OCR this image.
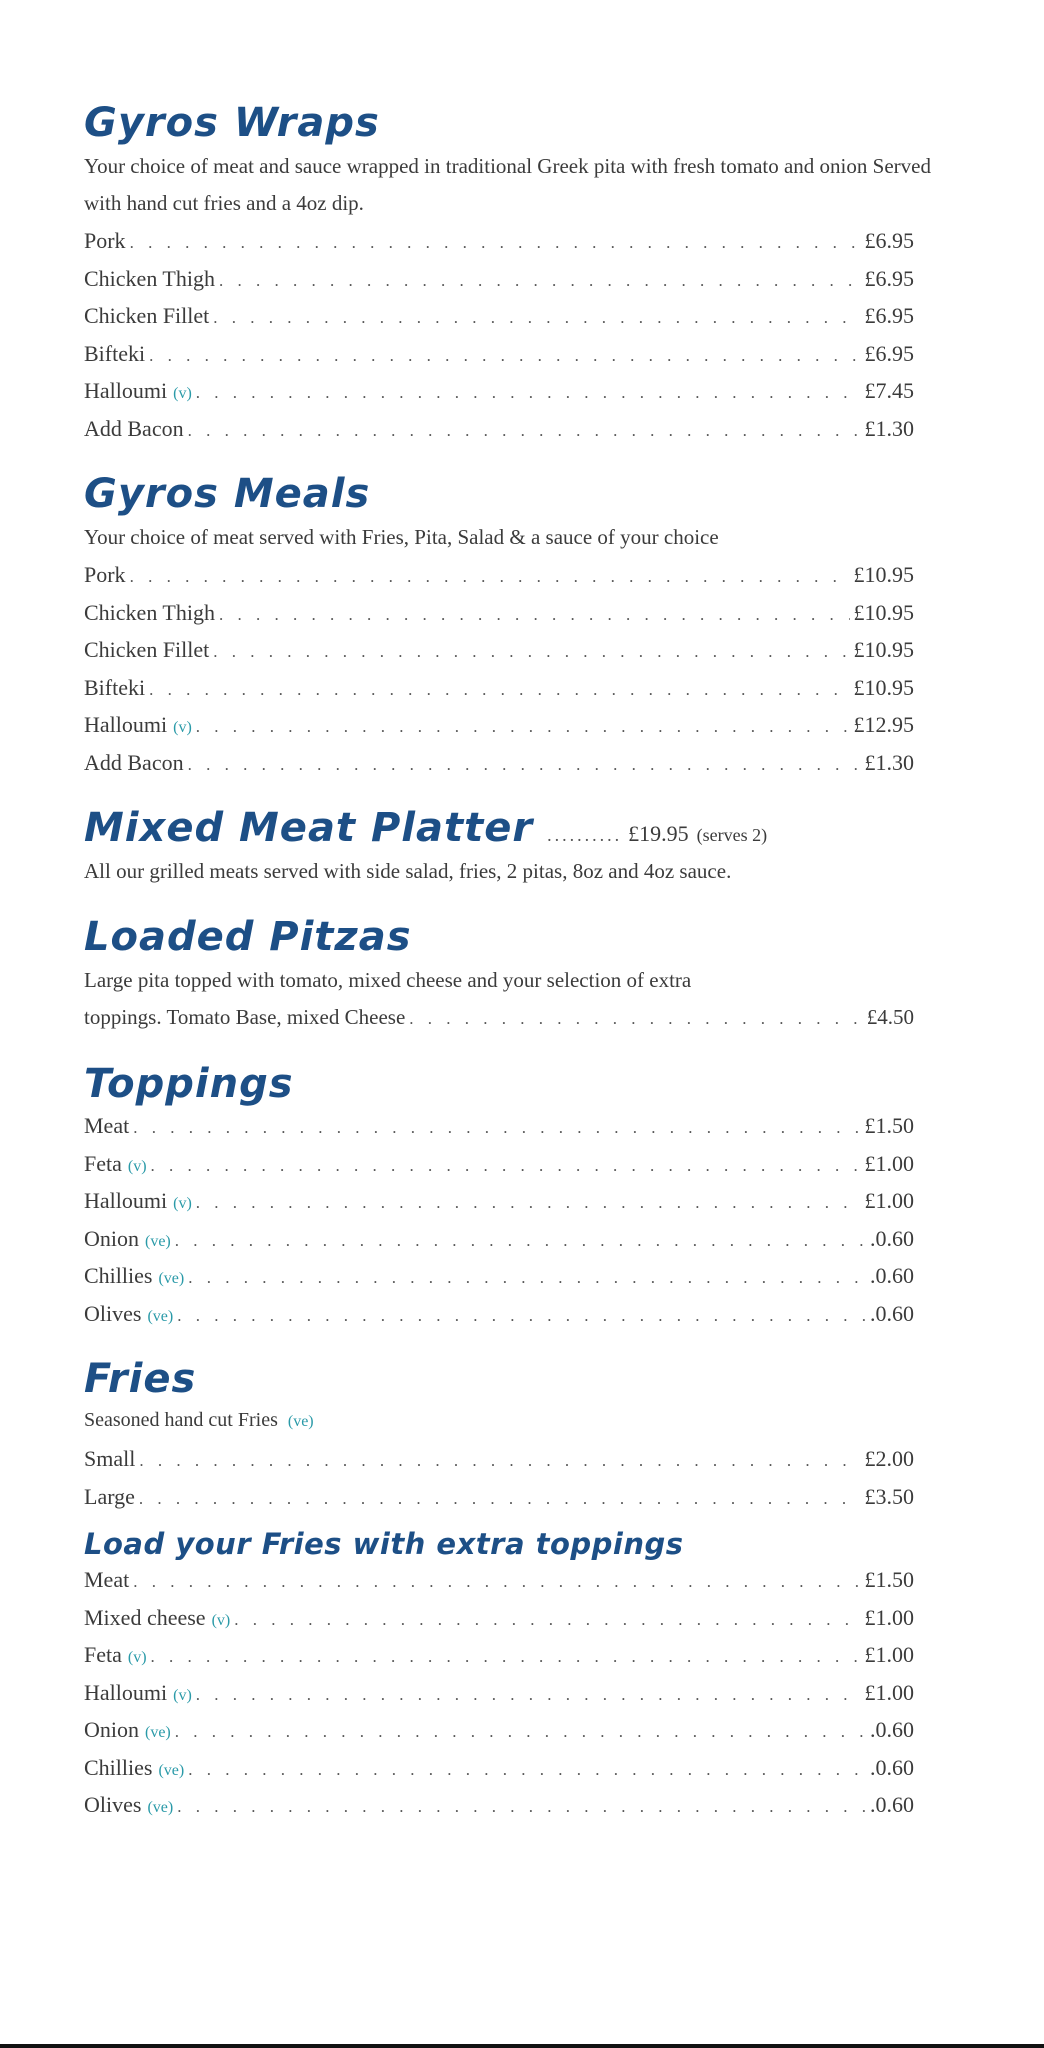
Gyros Wraps

Your choice of meat and sauce wrapped in traditional Greek pita with fresh tomato and onion Served with hand cut fries and a 4oz dip.

Pork . . .	£6.95
Chicken Thigh . . .	£6.95
Chicken Fillet . . .	£6.95
Bifteki . . .	£6.95
Halloumi (v) . . .	£7.45
Add Bacon . . .	£1.30
Gyros Meals

Your choice of meat served with Fries, Pita, Salad & a sauce of your choice

Pork . . .	£10.95
Chicken Thigh . . .	£10.95
Chicken Fillet . . .	£10.95
Bifteki . . .	£10.95
Halloumi (v) . . .	£12.95
Add Bacon . . .	£1.30
Mixed Meat Platter .......... £19.95 (serves 2)

All our grilled meats served with side salad, fries, 2 pitas, 8oz and 4oz sauce.

Loaded Pitzas

Large pita topped with tomato, mixed cheese and your selection of extra

toppings. Tomato Base, mixed Cheese . . .	£4.50
Toppings
Meat . . .	£1.50
Feta (v) . . .	£1.00
Halloumi (v) . . .	£1.00
Onion (ve) . . .	.0.60
Chillies (ve) . . .	.0.60
Olives (ve) . . .	.0.60
Fries
Seasoned hand cut Fries (ve)
Small . . .	£2.00
Large . . .	£3.50
Load your Fries with extra toppings
Meat . . .	£1.50
Mixed cheese (v) . . .	£1.00
Feta (v) . . .	£1.00
Halloumi (v) . . .	£1.00
Onion (ve) . . .	.0.60
Chillies (ve) . . .	.0.60
Olives (ve) . . .	.0.60
